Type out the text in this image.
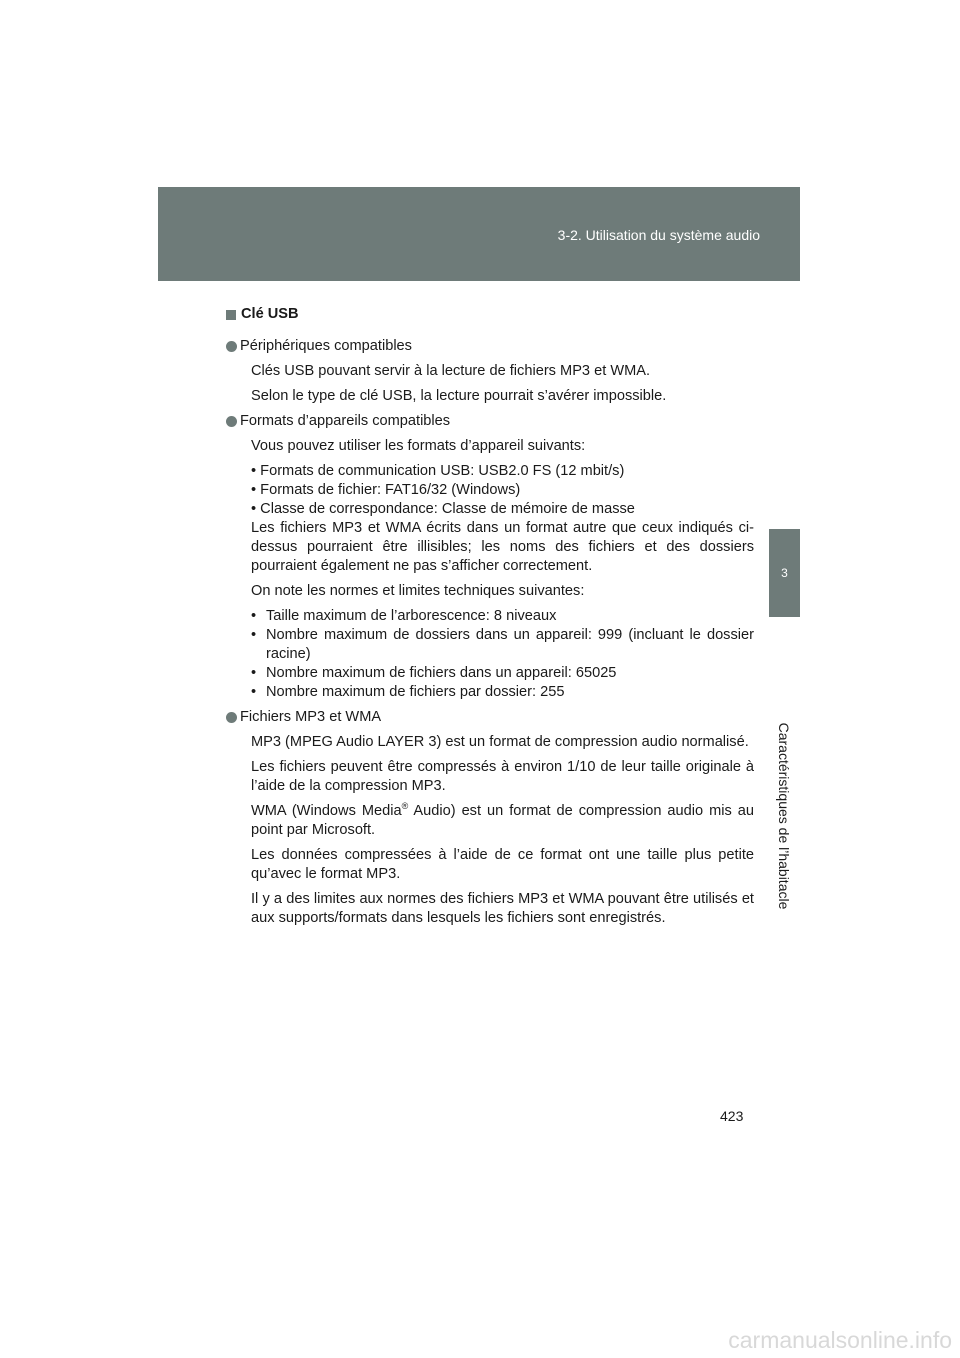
3-2. Utilisation du système audio
3
Caractéristiques de l’habitacle
Clé USB
Périphériques compatibles
Clés USB pouvant servir à la lecture de fichiers MP3 et WMA.
Selon le type de clé USB, la lecture pourrait s’avérer impossible.
Formats d’appareils compatibles
Vous pouvez utiliser les formats d’appareil suivants:
• Formats de communication USB: USB2.0 FS (12 mbit/s)
• Formats de fichier: FAT16/32 (Windows)
• Classe de correspondance: Classe de mémoire de masse
Les fichiers MP3 et WMA écrits dans un format autre que ceux indiqués ci-dessus pourraient être illisibles; les noms des fichiers et des dossiers pourraient également ne pas s’afficher correctement.
On note les normes et limites techniques suivantes:
• Taille maximum de l’arborescence: 8 niveaux
• Nombre maximum de dossiers dans un appareil: 999 (incluant le dossier racine)
• Nombre maximum de fichiers dans un appareil: 65025
• Nombre maximum de fichiers par dossier: 255
Fichiers MP3 et WMA
MP3 (MPEG Audio LAYER 3) est un format de compression audio normalisé.
Les fichiers peuvent être compressés à environ 1/10 de leur taille originale à l’aide de la compression MP3.
WMA (Windows Media® Audio) est un format de compression audio mis au point par Microsoft.
Les données compressées à l’aide de ce format ont une taille plus petite qu’avec le format MP3.
Il y a des limites aux normes des fichiers MP3 et WMA pouvant être utilisés et aux supports/formats dans lesquels les fichiers sont enregistrés.
423
carmanualsonline.info
